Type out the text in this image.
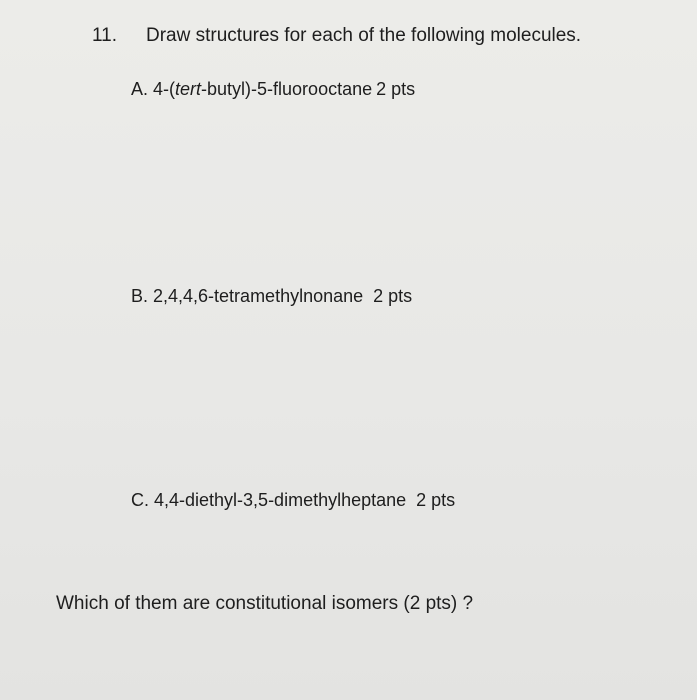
11. Draw structures for each of the following molecules.
A. 4-(tert-butyl)-5-fluorooctane 2 pts
B. 2,4,4,6-tetramethylnonane 2 pts
C. 4,4-diethyl-3,5-dimethylheptane 2 pts
Which of them are constitutional isomers (2 pts) ?
